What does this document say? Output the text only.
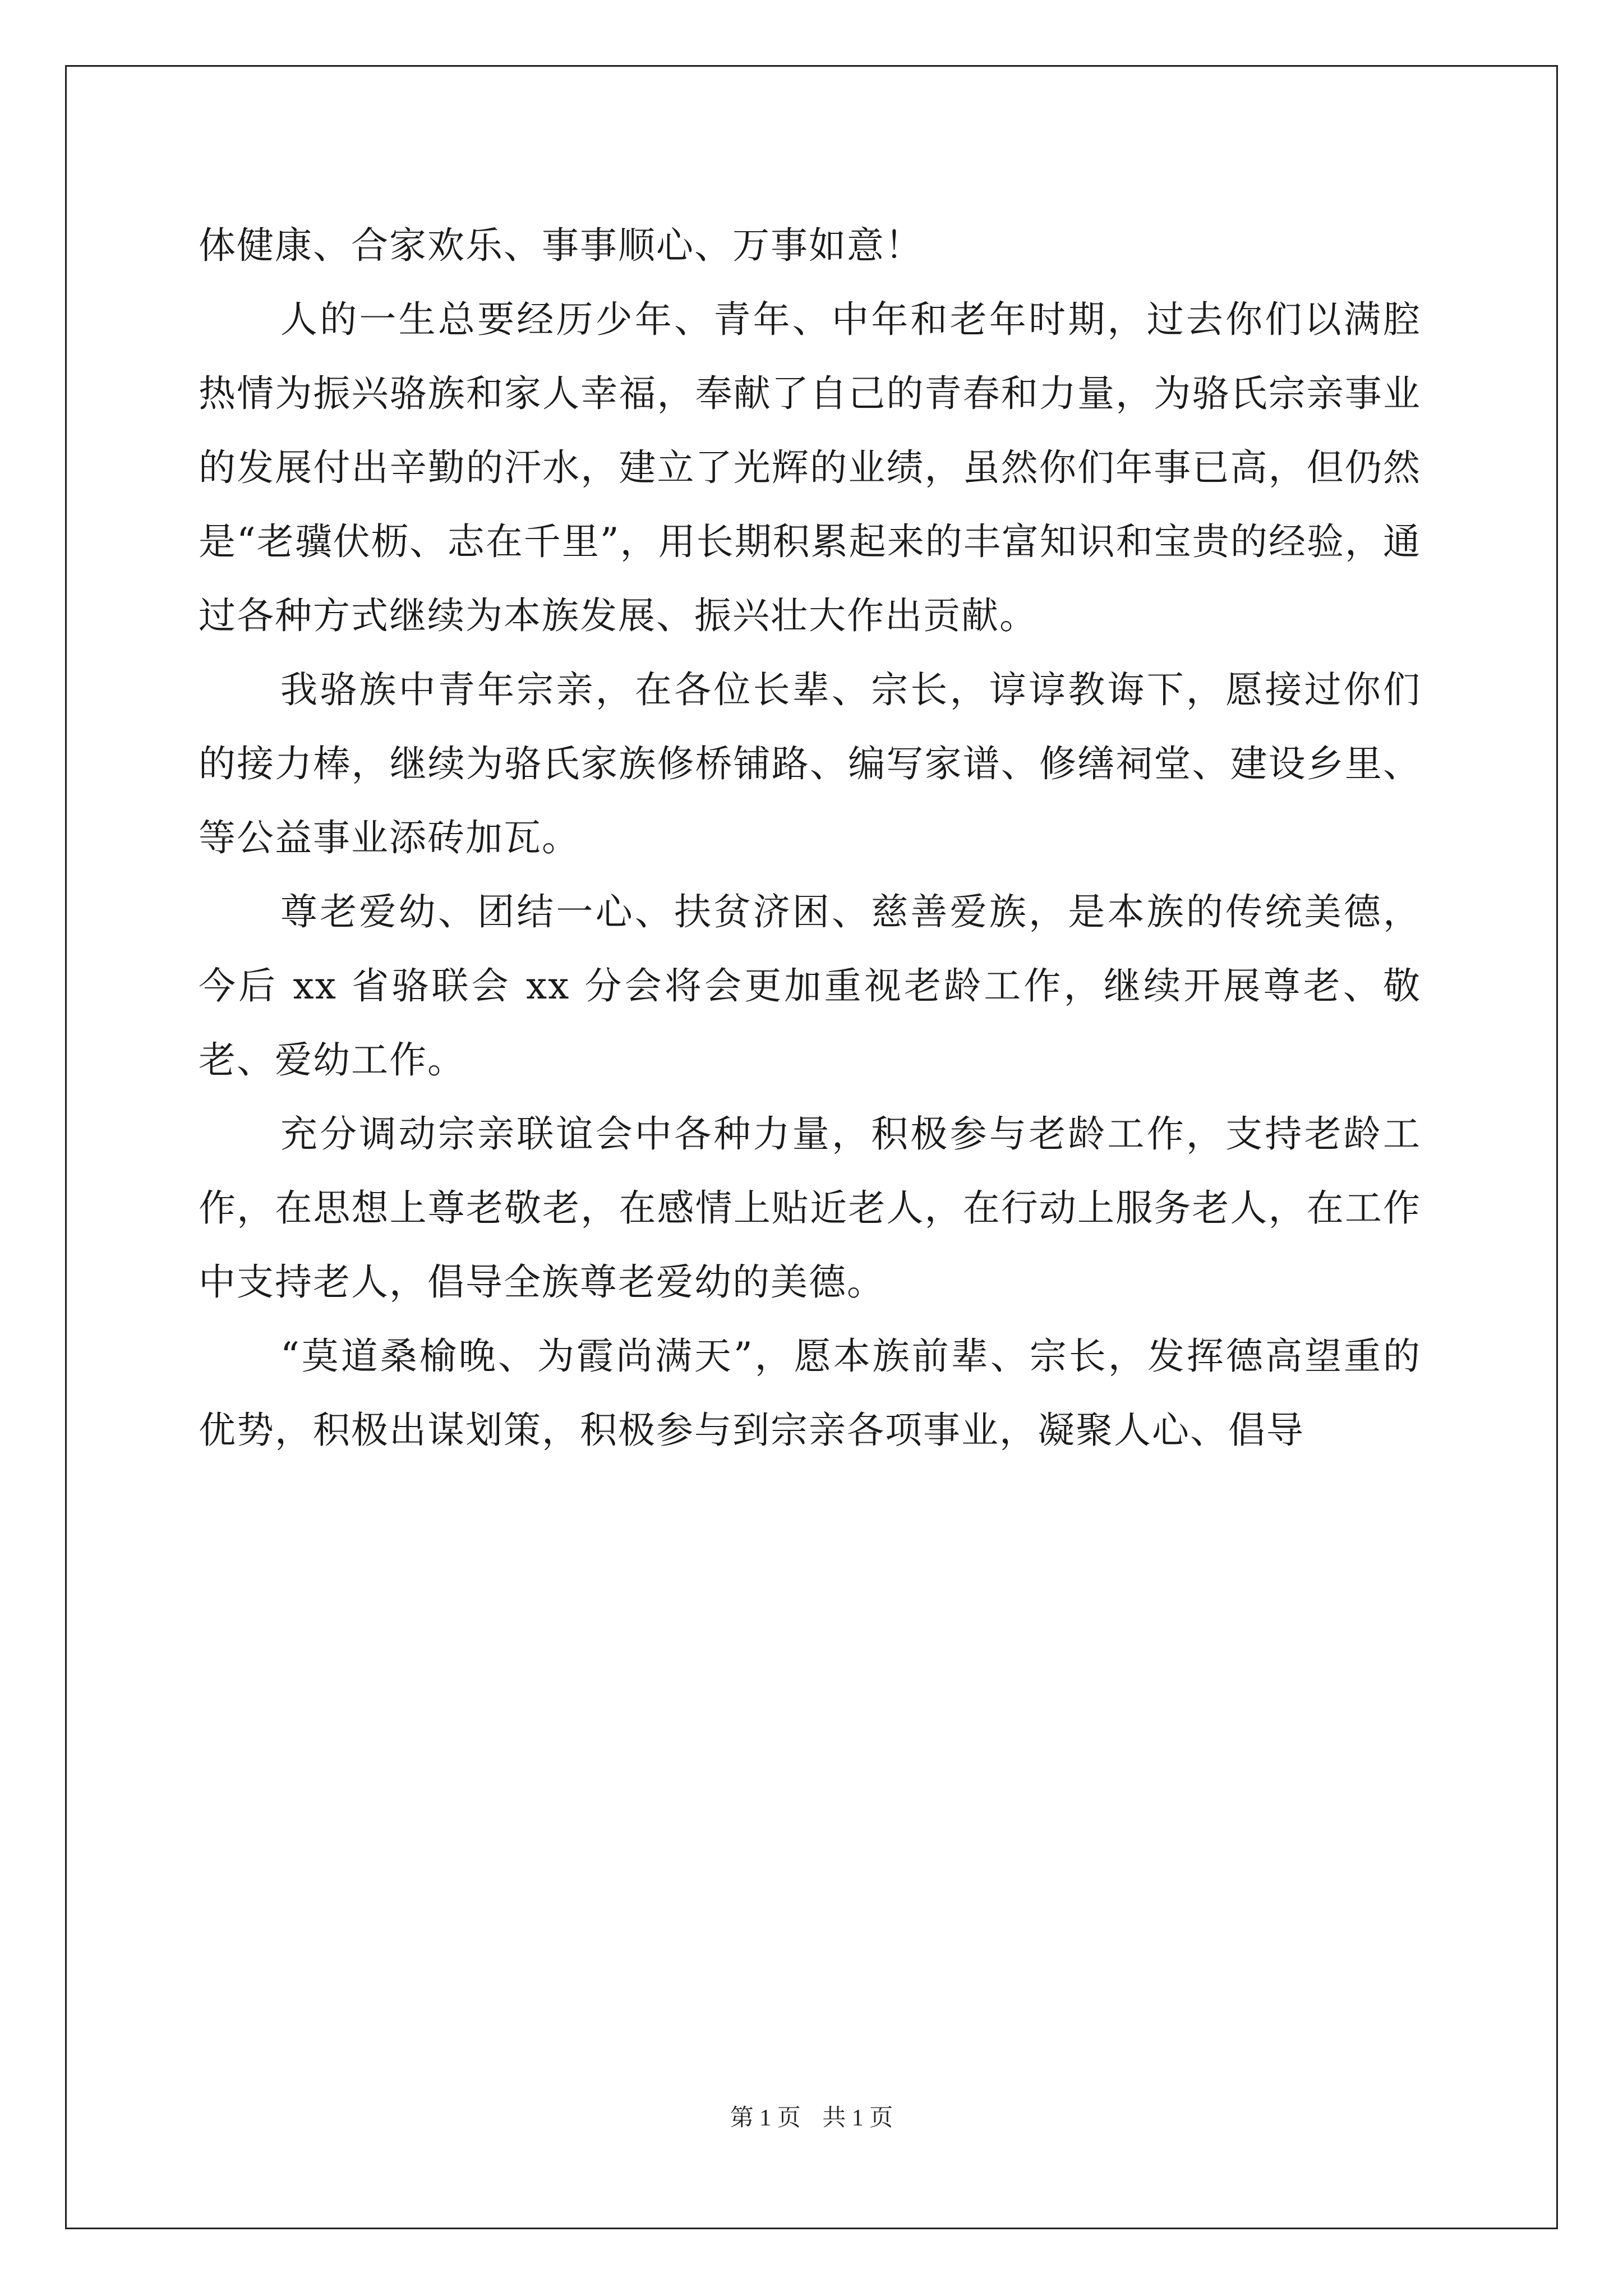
体健康、合家欢乐、事事顺心、万事如意！

人的一生总要经历少年、青年、中年和老年时期，过去你们以满腔热情为振兴骆族和家人幸福，奉献了自己的青春和力量，为骆氏宗亲事业的发展付出辛勤的汗水，建立了光辉的业绩，虽然你们年事已高，但仍然是“老骥伏枥、志在千里”，用长期积累起来的丰富知识和宝贵的经验，通过各种方式继续为本族发展、振兴壮大作出贡献。

我骆族中青年宗亲，在各位长辈、宗长，谆谆教诲下，愿接过你们的接力棒，继续为骆氏家族修桥铺路、编写家谱、修缮祠堂、建设乡里、等公益事业添砖加瓦。

尊老爱幼、团结一心、扶贫济困、慈善爱族，是本族的传统美德，今后 xx 省骆联会 xx 分会将会更加重视老龄工作，继续开展尊老、敬老、爱幼工作。

充分调动宗亲联谊会中各种力量，积极参与老龄工作，支持老龄工作，在思想上尊老敬老，在感情上贴近老人，在行动上服务老人，在工作中支持老人，倡导全族尊老爱幼的美德。

“莫道桑榆晚、为霞尚满天”，愿本族前辈、宗长，发挥德高望重的优势，积极出谋划策，积极参与到宗亲各项事业，凝聚人心、倡导

第 1 页 共 1 页
